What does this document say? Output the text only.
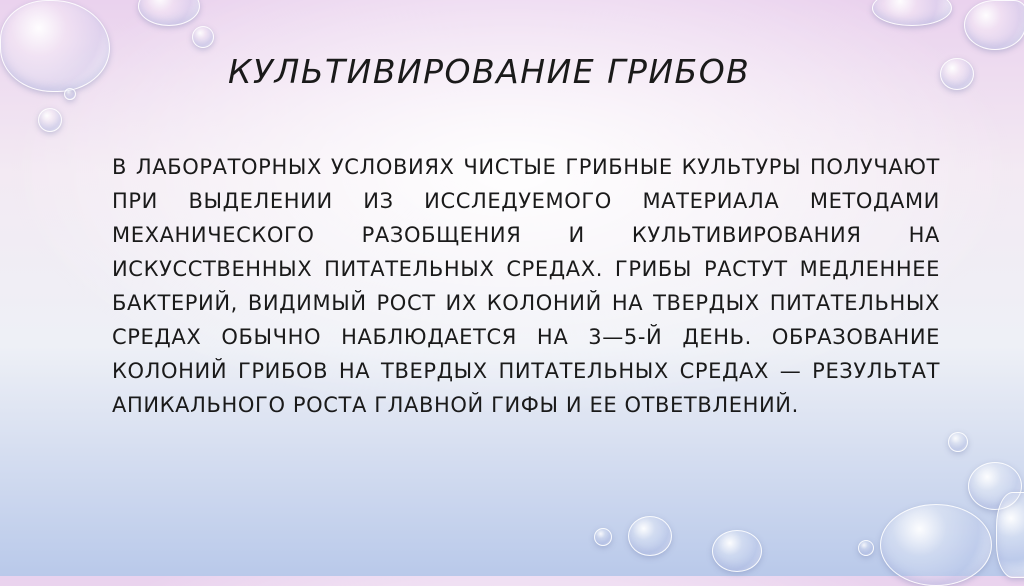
КУЛЬТИВИРОВАНИЕ ГРИБОВ
В ЛАБОРАТОРНЫХ УСЛОВИЯХ ЧИСТЫЕ ГРИБНЫЕ КУЛЬТУРЫ ПОЛУЧАЮТ ПРИ ВЫДЕЛЕНИИ ИЗ ИССЛЕДУЕМОГО МАТЕРИАЛА МЕТОДАМИ МЕХАНИЧЕСКОГО РАЗОБЩЕНИЯ И КУЛЬТИВИРОВАНИЯ НА ИСКУССТВЕННЫХ ПИТАТЕЛЬНЫХ СРЕДАХ. ГРИБЫ РАСТУТ МЕДЛЕННЕЕ БАКТЕРИЙ, ВИДИМЫЙ РОСТ ИХ КОЛОНИЙ НА ТВЕРДЫХ ПИТАТЕЛЬНЫХ СРЕДАХ ОБЫЧНО НАБЛЮДАЕТСЯ НА 3—5-Й ДЕНЬ. ОБРАЗОВАНИЕ КОЛОНИЙ ГРИБОВ НА ТВЕРДЫХ ПИТАТЕЛЬНЫХ СРЕДАХ — РЕЗУЛЬТАТ АПИКАЛЬНОГО РОСТА ГЛАВНОЙ ГИФЫ И ЕЕ ОТВЕТВЛЕНИЙ.
